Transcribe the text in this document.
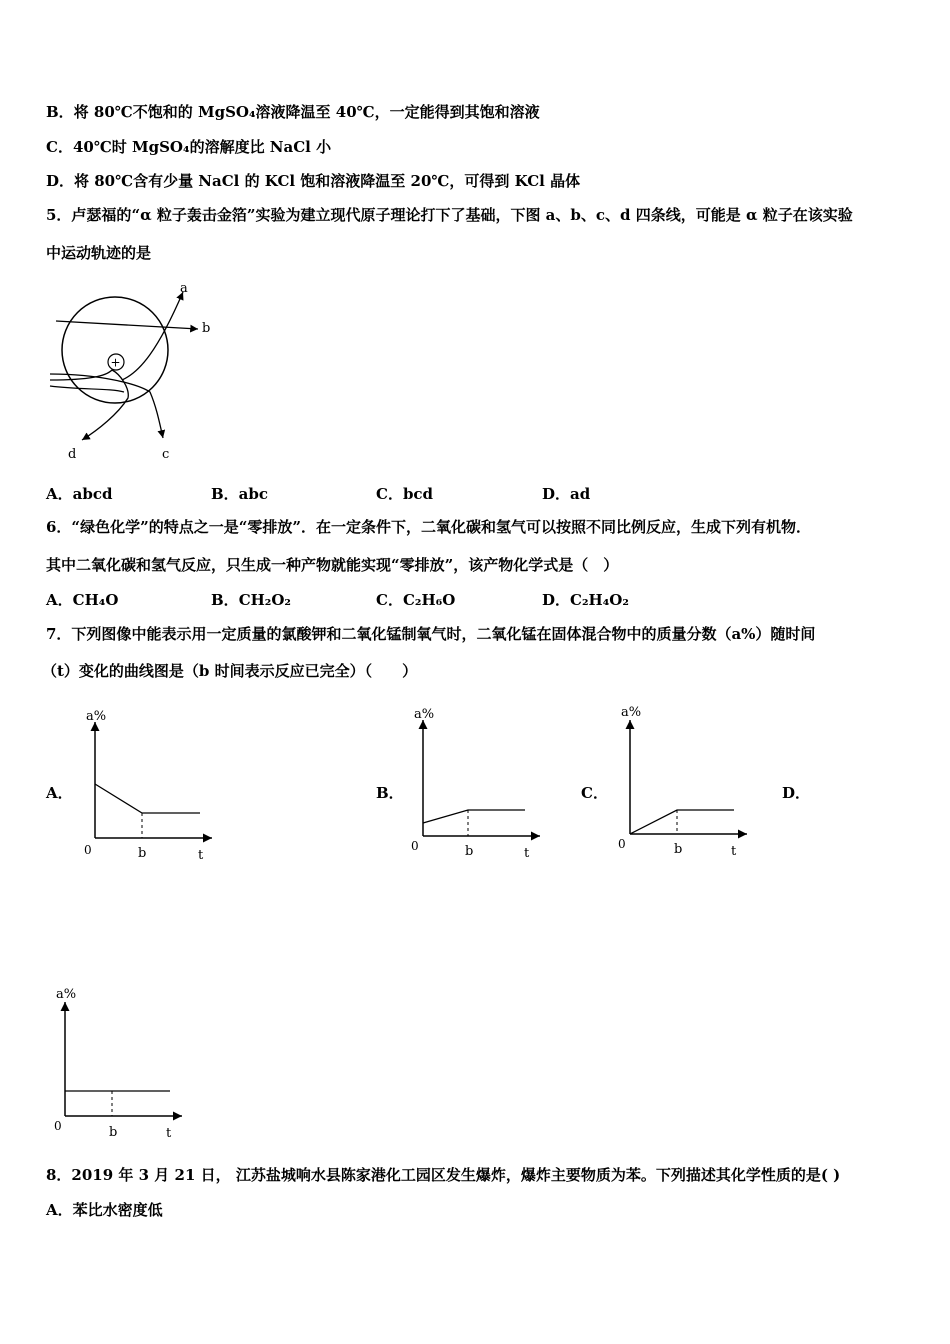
B．将 80℃不饱和的 MgSO₄溶液降温至 40℃，一定能得到其饱和溶液
C．40℃时 MgSO₄的溶解度比 NaCl 小
D．将 80℃含有少量 NaCl 的 KCl 饱和溶液降温至 20℃，可得到 KCl 晶体
5．卢瑟福的“α 粒子轰击金箔”实验为建立现代原子理论打下了基础，下图 a、b、c、d 四条线，可能是 α 粒子在该实验
中运动轨迹的是
+
a
b
c
d
A．abcd	B．abc	C．bcd	D．ad
6．“绿色化学”的特点之一是“零排放”．在一定条件下，二氧化碳和氢气可以按照不同比例反应，生成下列有机物．
其中二氧化碳和氢气反应，只生成一种产物就能实现“零排放”，该产物化学式是（　）
A．CH₄O	B．CH₂O₂	C．C₂H₆O	D．C₂H₄O₂
7．下列图像中能表示用一定质量的氯酸钾和二氧化锰制氧气时，二氧化锰在固体混合物中的质量分数（a%）随时间
（t）变化的曲线图是（b 时间表示反应已完全）（　　）
A．	B．	C．	D．
a%
0	b	t
a%
0	b	t
a%
0	b	t
a%
0	b	t
8．2019 年 3 月 21 日， 江苏盐城响水县陈家港化工园区发生爆炸，爆炸主要物质为苯。下列描述其化学性质的是( )
A．苯比水密度低
